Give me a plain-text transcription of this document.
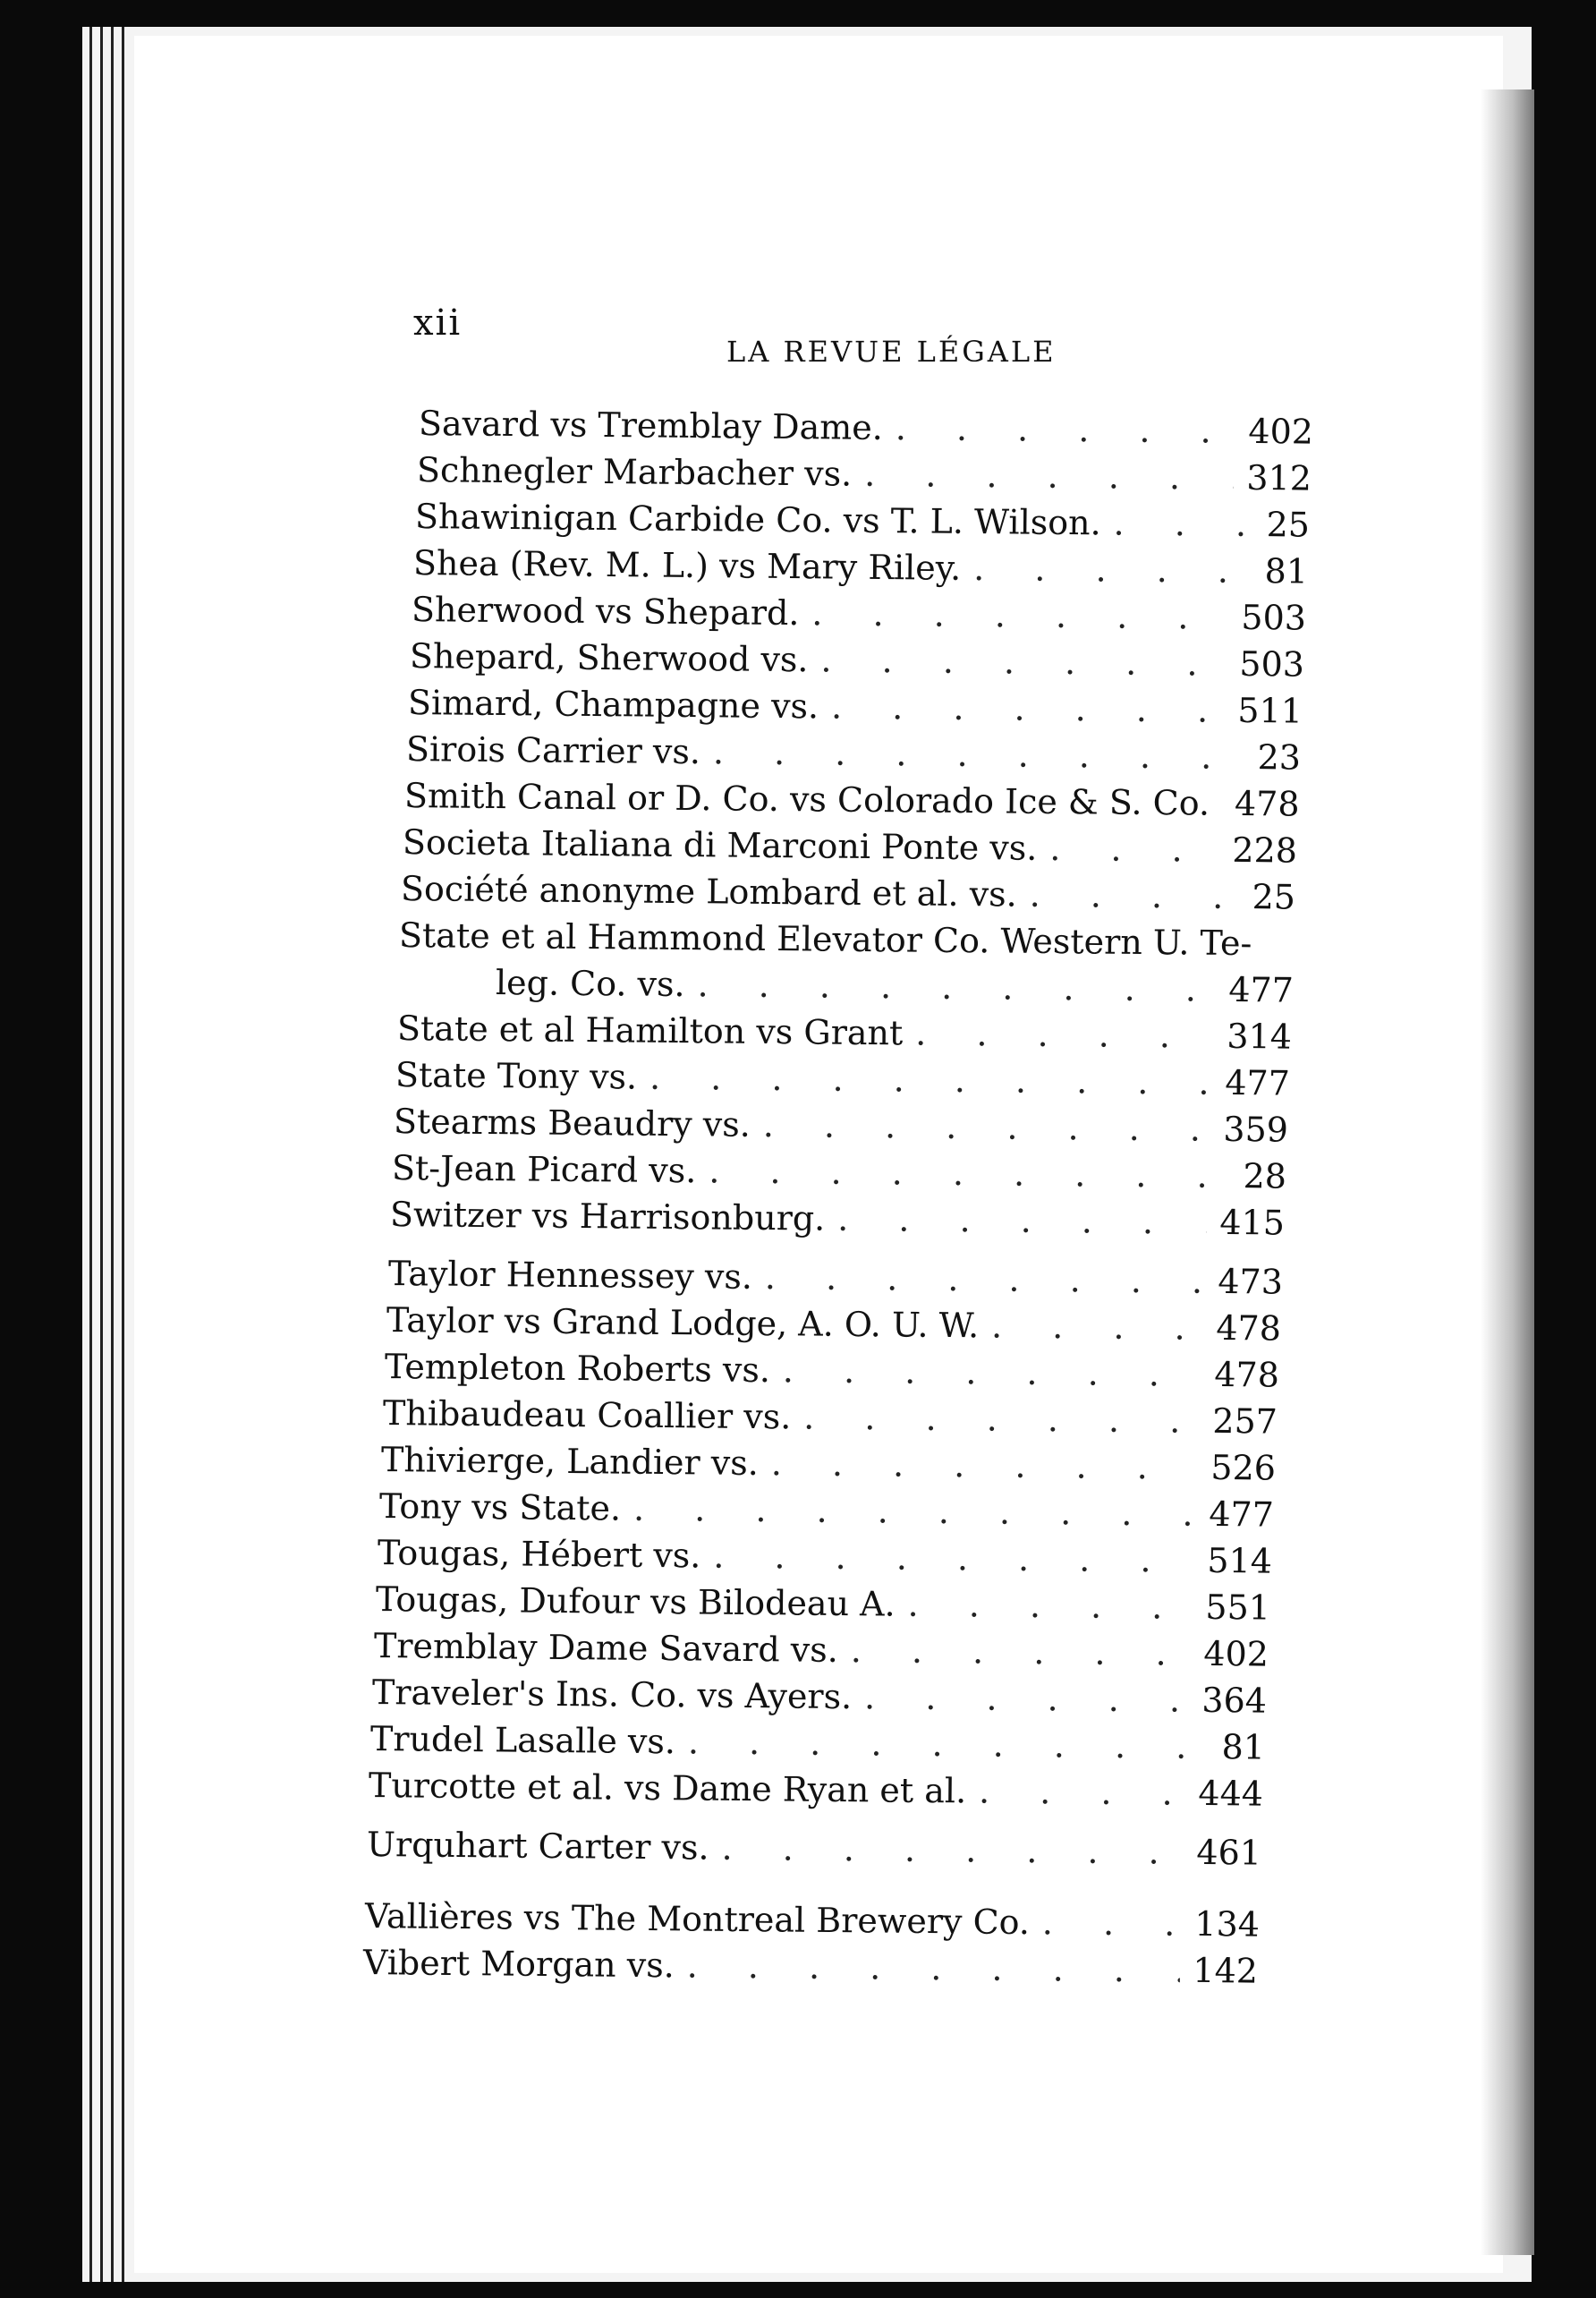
xii
LA REVUE LÉGALE
Savard vs Tremblay Dame. . . .	402
Schnegler Marbacher vs. . . .	312
Shawinigan Carbide Co. vs T. L. Wilson. . . .	25
Shea (Rev. M. L.) vs Mary Riley. . . .	81
Sherwood vs Shepard. . . .	503
Shepard, Sherwood vs. . . .	503
Simard, Champagne vs. . . .	511
Sirois Carrier vs. . . .	23
Smith Canal or D. Co. vs Colorado Ice & S. Co. . . . 478
Societa Italiana di Marconi Ponte vs. . . .	228
Société anonyme Lombard et al. vs. . . .	25
State et al Hammond Elevator Co. Western U. Te-
leg. Co. vs. . . .	477
State et al Hamilton vs Grant . . .	314
State Tony vs. . . .	477
Stearms Beaudry vs. . . .	359
St-Jean Picard vs. . . .	28
Switzer vs Harrisonburg. . . .	415
Taylor Hennessey vs. . . .	473
Taylor vs Grand Lodge, A. O. U. W. . . .	478
Templeton Roberts vs. . . .	478
Thibaudeau Coallier vs. . . .	257
Thivierge, Landier vs. . . .	526
Tony vs State. . . .	477
Tougas, Hébert vs. . . .	514
Tougas, Dufour vs Bilodeau A. . . .	551
Tremblay Dame Savard vs. . . .	402
Traveler's Ins. Co. vs Ayers. . . .	364
Trudel Lasalle vs. . . .	81
Turcotte et al. vs Dame Ryan et al. . . .	444
Urquhart Carter vs. . . .	461
Vallières vs The Montreal Brewery Co. . . .	134
Vibert Morgan vs. . . .	142
